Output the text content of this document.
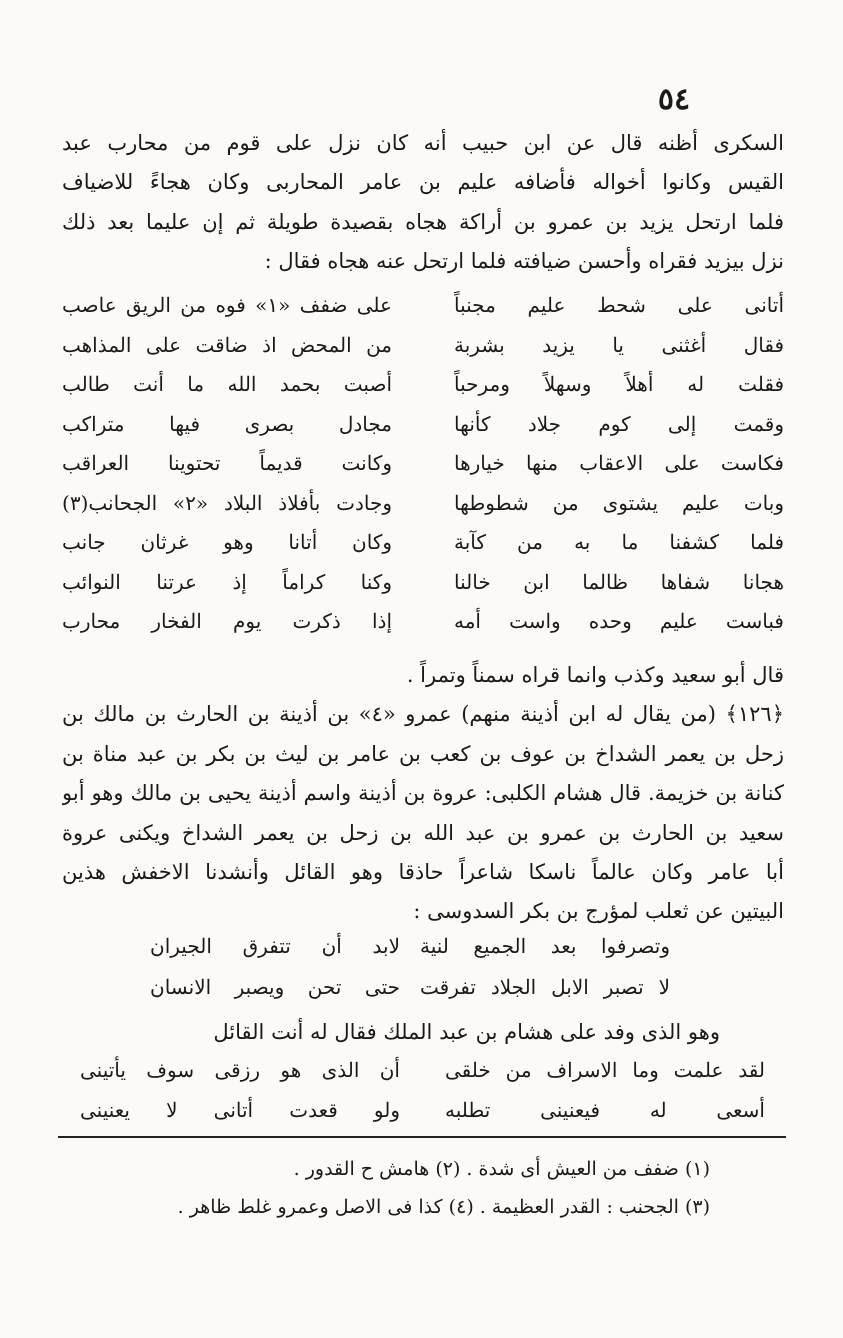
٥٤
السكرى أظنه قال عن ابن حبيب أنه كان نزل على قوم من محارب عبد
القيس وكانوا أخواله فأضافه عليم بن عامر المحاربى وكان هجاءً للاضياف
فلما ارتحل يزيد بن عمرو بن أراكة هجاه بقصيدة طويلة ثم إن عليما بعد ذلك
نزل بيزيد فقراه وأحسن ضيافته فلما ارتحل عنه هجاه فقال :
أتانى على شحط عليم مجنباً
على ضفف «١» فوه من الريق عاصب
فقال أغثنى يا يزيد بشربة
من المحض اذ ضاقت على المذاهب
فقلت له أهلاً وسهلاً ومرحباً
أصبت بحمد الله ما أنت طالب
وقمت إلى كوم جلاد كأنها
مجادل بصرى فيها متراكب
فكاست على الاعقاب منها خيارها
وكانت قديماً تحتوينا العراقب
وبات عليم يشتوى من شطوطها
وجادت بأفلاذ البلاد «٢» الجحانب(٣)
فلما كشفنا ما به من كآبة
وكان أتانا وهو غرثان جانب
هجانا شفاها ظالما ابن خالنا
وكنا كراماً إذ عرتنا النوائب
فباست عليم وحده واست أمه
إذا ذكرت يوم الفخار محارب
قال أبو سعيد وكذب وانما قراه سمناً وتمراً .
﴿١٢٦﴾ (من يقال له ابن أذينة منهم) عمرو «٤» بن أذينة بن الحارث بن مالك بن
زحل بن يعمر الشداخ بن عوف بن كعب بن عامر بن ليث بن بكر بن عبد مناة بن
كنانة بن خزيمة. قال هشام الكلبى: عروة بن أذينة واسم أذينة يحيى بن مالك وهو أبو
سعيد بن الحارث بن عمرو بن عبد الله بن زحل بن يعمر الشداخ ويكنى عروة
أبا عامر وكان عالماً ناسكا شاعراً حاذقا وهو القائل وأنشدنا الاخفش هذين
البيتين عن ثعلب لمؤرج بن بكر السدوسى :
وتصرفوا بعد الجميع لنية
لابد أن تتفرق الجيران
لا تصبر الابل الجلاد تفرقت
حتى تحن ويصبر الانسان
وهو الذى وفد على هشام بن عبد الملك فقال له أنت القائل
لقد علمت وما الاسراف من خلقى
أن الذى هو رزقى سوف يأتينى
أسعى له فيعنينى تطلبه
ولو قعدت أتانى لا يعنينى
(١) ضفف من العيش أى شدة . (٢) هامش ح القدور .
(٣) الجحنب : القدر العظيمة . (٤) كذا فى الاصل وعمرو غلط ظاهر .
